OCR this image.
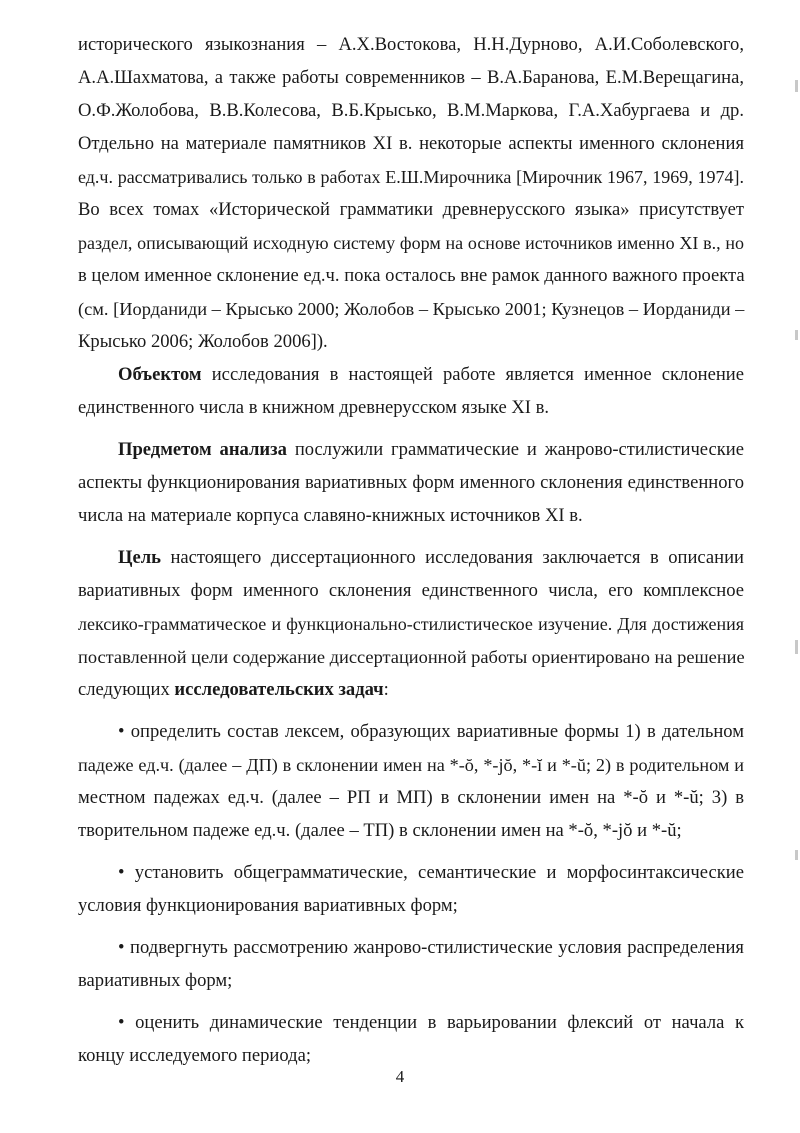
исторического языкознания – А.Х.Востокова, Н.Н.Дурново, А.И.Соболевского,
А.А.Шахматова, а также работы современников – В.А.Баранова, Е.М.Верещагина,
О.Ф.Жолобова, В.В.Колесова, В.Б.Крысько, В.М.Маркова, Г.А.Хабургаева и др.
Отдельно на материале памятников XI в. некоторые аспекты именного склонения
ед.ч. рассматривались только в работах Е.Ш.Мирочника [Мирочник 1967, 1969, 1974].
Во всех томах «Исторической грамматики древнерусского языка» присутствует
раздел, описывающий исходную систему форм на основе источников именно XI в., но
в целом именное склонение ед.ч. пока осталось вне рамок данного важного проекта
(см. [Иорданиди – Крысько 2000; Жолобов – Крысько 2001; Кузнецов – Иорданиди –
Крысько 2006; Жолобов 2006]).
Объектом исследования в настоящей работе является именное склонение
единственного числа в книжном древнерусском языке XI в.
Предметом анализа послужили грамматические и жанрово-стилистические
аспекты функционирования вариативных форм именного склонения единственного
числа на материале корпуса славяно-книжных источников XI в.
Цель настоящего диссертационного исследования заключается в описании
вариативных форм именного склонения единственного числа, его комплексное
лексико-грамматическое и функционально-стилистическое изучение. Для достижения
поставленной цели содержание диссертационной работы ориентировано на решение
следующих исследовательских задач:
• определить состав лексем, образующих вариативные формы 1) в дательном
падеже ед.ч. (далее – ДП) в склонении имен на *-ŏ, *-jŏ, *-ĭ и *-ŭ; 2) в родительном и
местном падежах ед.ч. (далее – РП и МП) в склонении имен на *-ŏ и *-ŭ; 3) в
творительном падеже ед.ч. (далее – ТП) в склонении имен на *-ŏ, *-jŏ и *-ŭ;
• установить общеграмматические, семантические и морфосинтаксические
условия функционирования вариативных форм;
• подвергнуть рассмотрению жанрово-стилистические условия распределения
вариативных форм;
• оценить динамические тенденции в варьировании флексий от начала к
концу исследуемого периода;
4
